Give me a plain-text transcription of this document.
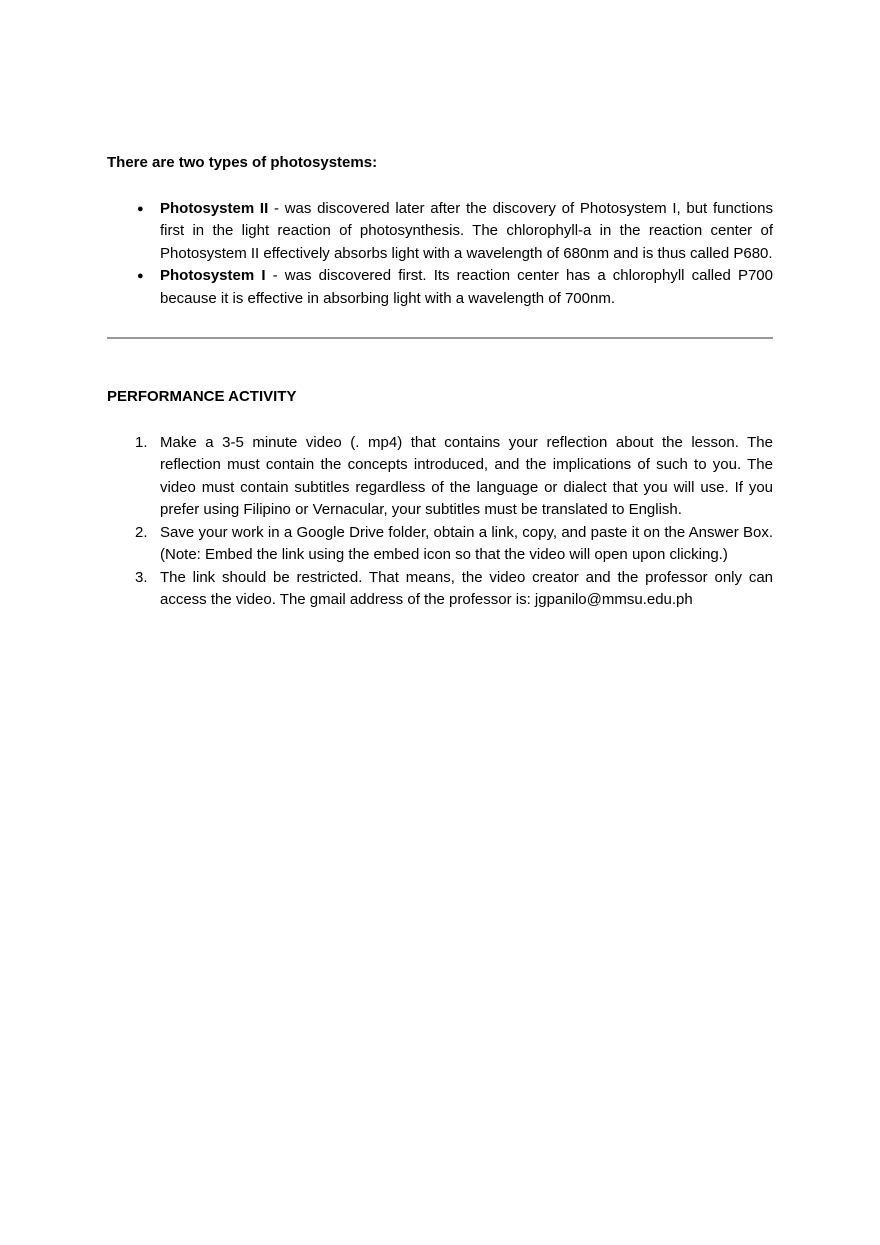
There are two types of photosystems:

●	Photosystem II - was discovered later after the discovery of Photosystem I, but functions first in the light reaction of photosynthesis. The chlorophyll-a in the reaction center of Photosystem II effectively absorbs light with a wavelength of 680nm and is thus called P680.

●	Photosystem I - was discovered first. Its reaction center has a chlorophyll called P700 because it is effective in absorbing light with a wavelength of 700nm.

PERFORMANCE ACTIVITY

1. Make a 3-5 minute video (. mp4) that contains your reflection about the lesson. The reflection must contain the concepts introduced, and the implications of such to you. The video must contain subtitles regardless of the language or dialect that you will use. If you prefer using Filipino or Vernacular, your subtitles must be translated to English.

2. Save your work in a Google Drive folder, obtain a link, copy, and paste it on the Answer Box. (Note: Embed the link using the embed icon so that the video will open upon clicking.)

3. The link should be restricted. That means, the video creator and the professor only can access the video. The gmail address of the professor is: jgpanilo@mmsu.edu.ph
